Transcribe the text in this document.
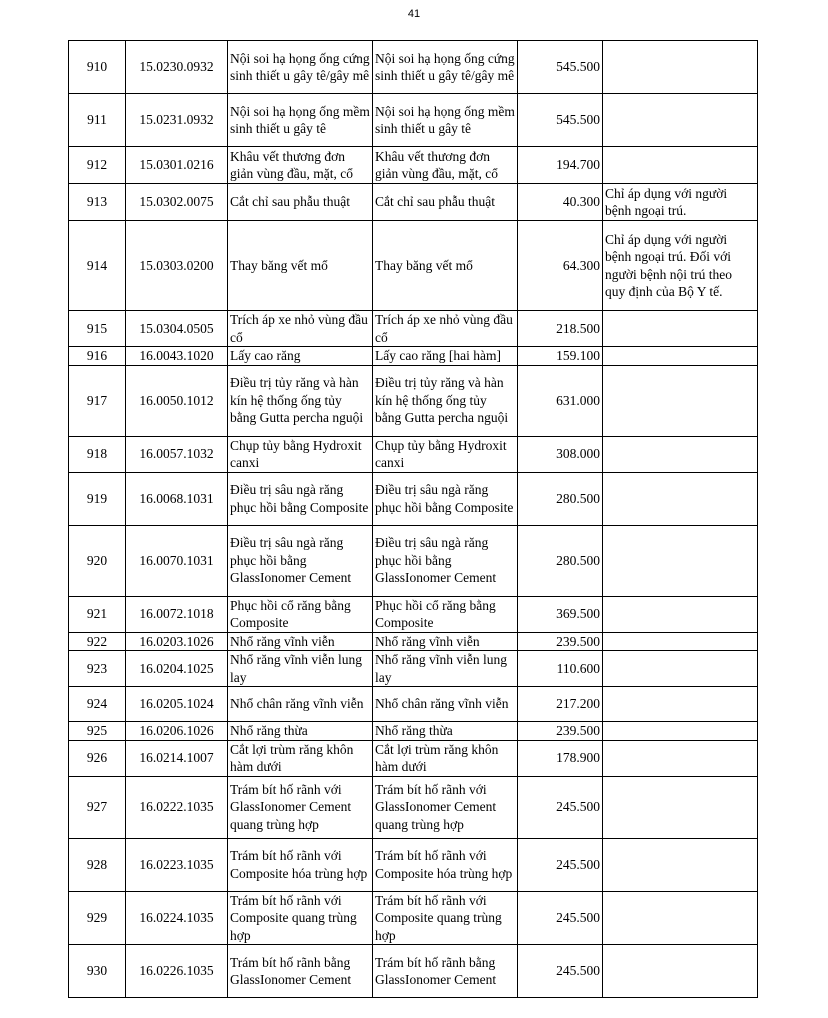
41
910	15.0230.0932	Nội soi hạ họng ống cứng sinh thiết u gây tê/gây mê	Nội soi hạ họng ống cứng sinh thiết u gây tê/gây mê	545.500	
911	15.0231.0932	Nội soi hạ họng ống mềm sinh thiết u gây tê	Nội soi hạ họng ống mềm sinh thiết u gây tê	545.500	
912	15.0301.0216	Khâu vết thương đơn giản vùng đầu, mặt, cổ	Khâu vết thương đơn giản vùng đầu, mặt, cổ	194.700	
913	15.0302.0075	Cắt chỉ sau phẫu thuật	Cắt chỉ sau phẫu thuật	40.300	Chỉ áp dụng với người bệnh ngoại trú.
914	15.0303.0200	Thay băng vết mổ	Thay băng vết mổ	64.300	Chỉ áp dụng với người bệnh ngoại trú. Đối với người bệnh nội trú theo quy định của Bộ Y tế.
915	15.0304.0505	Trích áp xe nhỏ vùng đầu cổ	Trích áp xe nhỏ vùng đầu cổ	218.500	
916	16.0043.1020	Lấy cao răng	Lấy cao răng [hai hàm]	159.100	
917	16.0050.1012	Điều trị tủy răng và hàn kín hệ thống ống tủy bằng Gutta percha nguội	Điều trị tủy răng và hàn kín hệ thống ống tủy bằng Gutta percha nguội	631.000	
918	16.0057.1032	Chụp tủy bằng Hydroxit canxi	Chụp tủy bằng Hydroxit canxi	308.000	
919	16.0068.1031	Điều trị sâu ngà răng phục hồi bằng Composite	Điều trị sâu ngà răng phục hồi bằng Composite	280.500	
920	16.0070.1031	Điều trị sâu ngà răng phục hồi bằng GlassIonomer Cement	Điều trị sâu ngà răng phục hồi bằng GlassIonomer Cement	280.500	
921	16.0072.1018	Phục hồi cổ răng bằng Composite	Phục hồi cổ răng bằng Composite	369.500	
922	16.0203.1026	Nhổ răng vĩnh viễn	Nhổ răng vĩnh viễn	239.500	
923	16.0204.1025	Nhổ răng vĩnh viễn lung lay	Nhổ răng vĩnh viễn lung lay	110.600	
924	16.0205.1024	Nhổ chân răng vĩnh viễn	Nhổ chân răng vĩnh viễn	217.200	
925	16.0206.1026	Nhổ răng thừa	Nhổ răng thừa	239.500	
926	16.0214.1007	Cắt lợi trùm răng khôn hàm dưới	Cắt lợi trùm răng khôn hàm dưới	178.900	
927	16.0222.1035	Trám bít hố rãnh với GlassIonomer Cement quang trùng hợp	Trám bít hố rãnh với GlassIonomer Cement quang trùng hợp	245.500	
928	16.0223.1035	Trám bít hố rãnh với Composite hóa trùng hợp	Trám bít hố rãnh với Composite hóa trùng hợp	245.500	
929	16.0224.1035	Trám bít hố rãnh với Composite quang trùng hợp	Trám bít hố rãnh với Composite quang trùng hợp	245.500	
930	16.0226.1035	Trám bít hố rãnh bằng GlassIonomer Cement	Trám bít hố rãnh bằng GlassIonomer Cement	245.500	
